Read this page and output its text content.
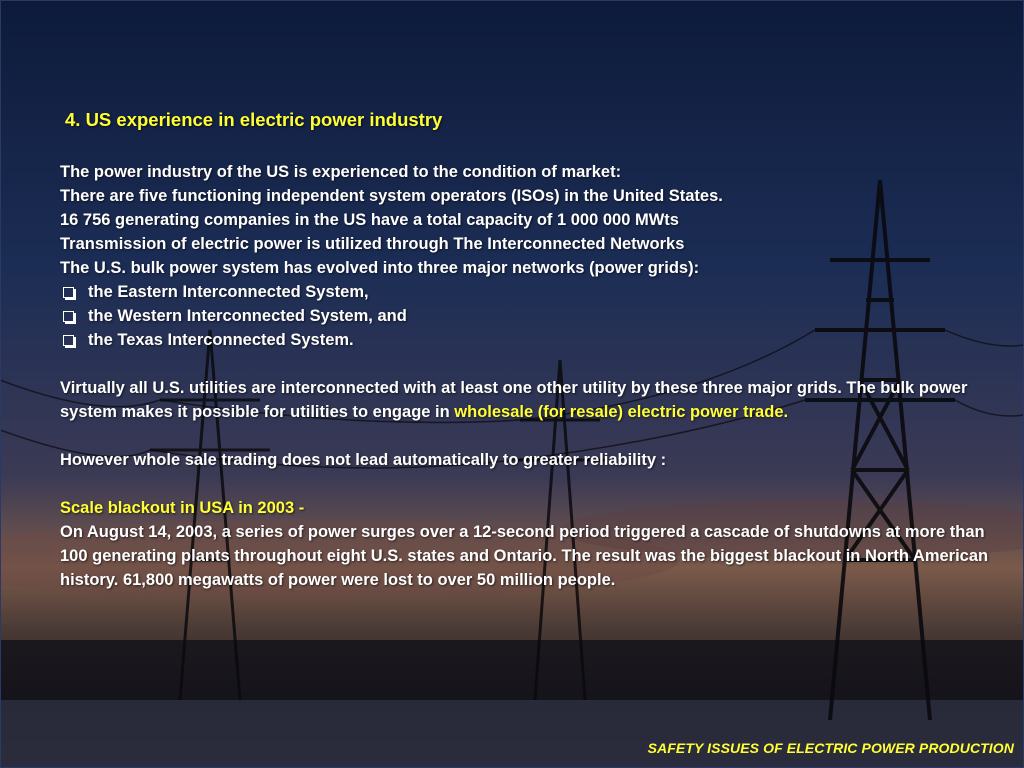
4. US experience in electric power industry
The power industry of the US is experienced to the condition of market:
There are five functioning independent system operators (ISOs) in the United States.
16 756 generating companies in the US have a total capacity of 1 000 000 MWts
Transmission of electric power is utilized through The Interconnected Networks
The U.S. bulk power system has evolved into three major networks (power grids):
the Eastern Interconnected System,
the Western Interconnected System, and
the Texas Interconnected System.
Virtually all U.S. utilities are interconnected with at least one other utility by these three major grids. The bulk power system makes it possible for utilities to engage in wholesale (for resale) electric power trade.
However whole sale trading does not lead automatically to greater reliability :
Scale blackout in USA in 2003 -
On August 14, 2003, a series of power surges over a 12-second period triggered a cascade of shutdowns at more than 100 generating plants throughout eight U.S. states and Ontario. The result was the biggest blackout in North American history. 61,800 megawatts of power were lost to over 50 million people.
SAFETY ISSUES OF ELECTRIC POWER PRODUCTION
